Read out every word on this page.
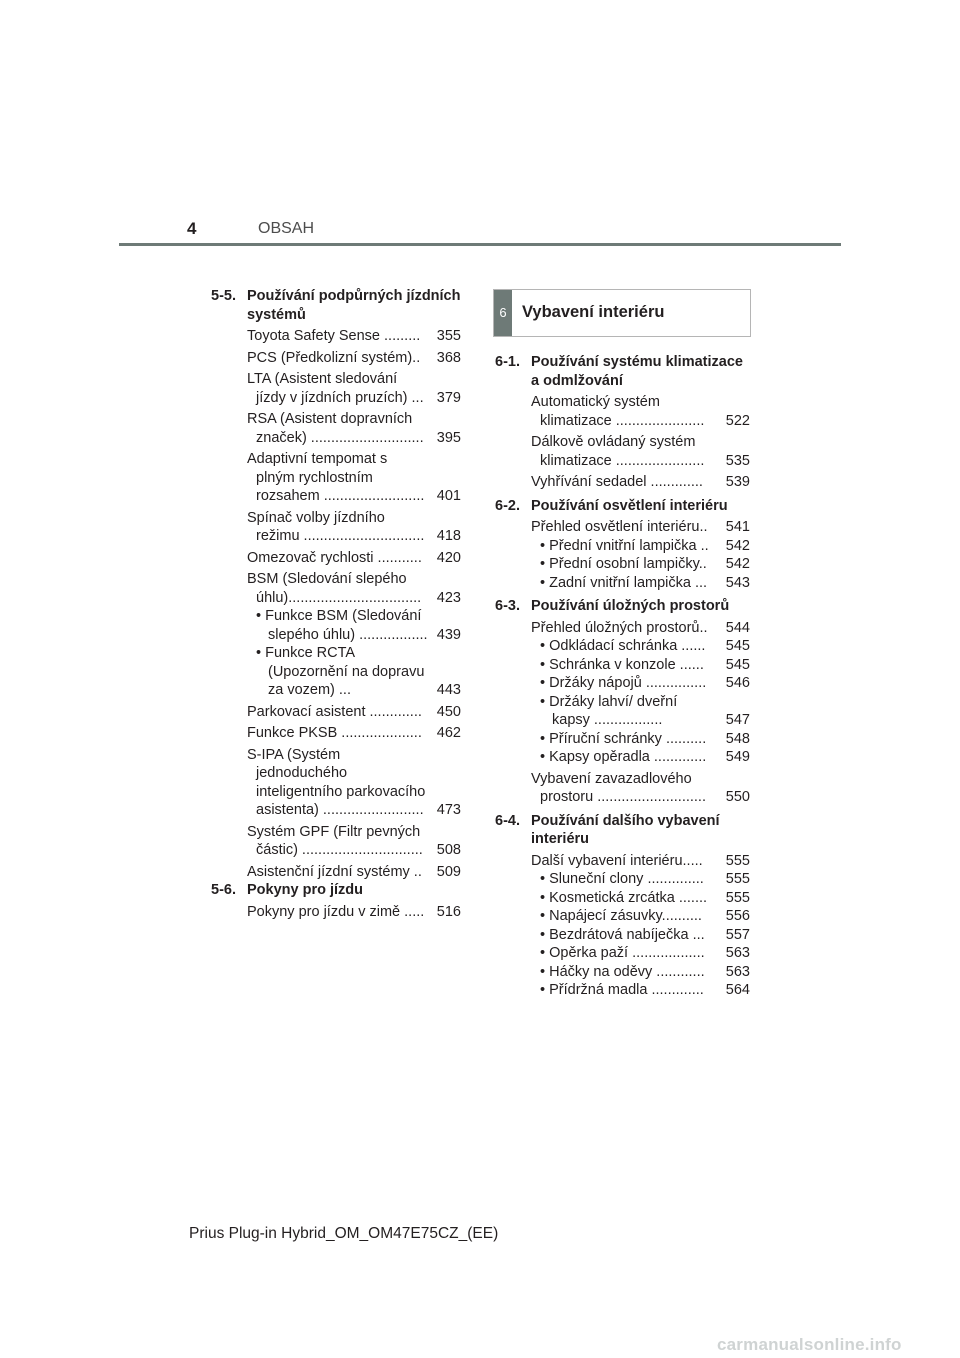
4	OBSAH
5-5. Používání podpůrných jízdních systémů
Toyota Safety Sense .........	355
PCS (Předkolizní systém)..	368
LTA (Asistent sledování jízdy v jízdních pruzích) ... 379
RSA (Asistent dopravních značek) ............................ 395
Adaptivní tempomat s plným rychlostním rozsahem ......................... 401
Spínač volby jízdního režimu .............................. 418
Omezovač rychlosti ...........	420
BSM (Sledování slepého úhlu).................................	423
• Funkce BSM (Sledování slepého úhlu) ................. 439
• Funkce RCTA (Upozornění na dopravu za vozem) ...	443
Parkovací asistent .............	450
Funkce PKSB ....................	462
S-IPA (Systém jednoduchého inteligentního parkovacího asistenta) ......................... 473
Systém GPF (Filtr pevných částic) .............................. 508
Asistenční jízdní systémy ..	509
5-6. Pokyny pro jízdu
Pokyny pro jízdu v zimě ..... 516
6 Vybavení interiéru
6-1. Používání systému klimatizace a odmlžování
Automatický systém klimatizace ......................	522
Dálkově ovládaný systém klimatizace ......................	535
Vyhřívání sedadel .............	539
6-2. Používání osvětlení interiéru
Přehled osvětlení interiéru..	541
• Přední vnitřní lampička ..	542
• Přední osobní lampičky..	542
• Zadní vnitřní lampička ...	543
6-3. Používání úložných prostorů
Přehled úložných prostorů..	544
• Odkládací schránka ......	545
• Schránka v konzole ......	545
• Držáky nápojů ...............	546
• Držáky lahví/ dveřní kapsy .................	547
• Příruční schránky ..........	548
• Kapsy opěradla .............	549
Vybavení zavazadlového prostoru ...........................	550
6-4. Používání dalšího vybavení interiéru
Další vybavení interiéru.....	555
• Sluneční clony ..............	555
• Kosmetická zrcátka .......	555
• Napájecí zásuvky..........	556
• Bezdrátová nabíječka ...	557
• Opěrka paží ..................	563
• Háčky na oděvy ............	563
• Přídržná madla .............	564
Prius Plug-in Hybrid_OM_OM47E75CZ_(EE)
carmanualsonline.info
